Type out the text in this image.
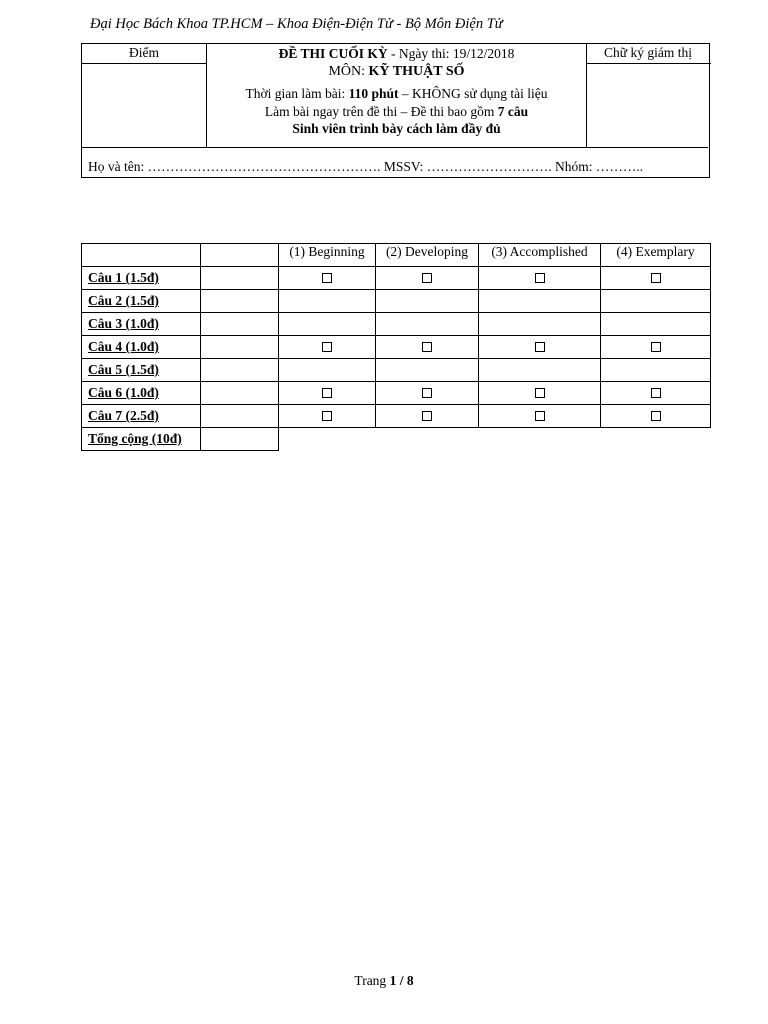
Đại Học Bách Khoa TP.HCM – Khoa Điện-Điện Tử - Bộ Môn Điện Tử
Điểm	Chữ ký giám thị
ĐỀ THI CUỐI KỲ - Ngày thi: 19/12/2018
MÔN: KỸ THUẬT SỐ
Thời gian làm bài: 110 phút – KHÔNG sử dụng tài liệu
Làm bài ngay trên đề thi – Đề thi bao gồm 7 câu
Sinh viên trình bày cách làm đầy đủ
Họ và tên: ……………………………………………. MSSV: ………………………. Nhóm: ………..
		(1) Beginning	(2) Developing	(3) Accomplished	(4) Exemplary
Câu 1 (1.5đ)					
Câu 2 (1.5đ)					
Câu 3 (1.0đ)					
Câu 4 (1.0đ)					
Câu 5 (1.5đ)					
Câu 6 (1.0đ)					
Câu 7 (2.5đ)					
Tổng cộng (10đ)					
Trang 1 / 8
